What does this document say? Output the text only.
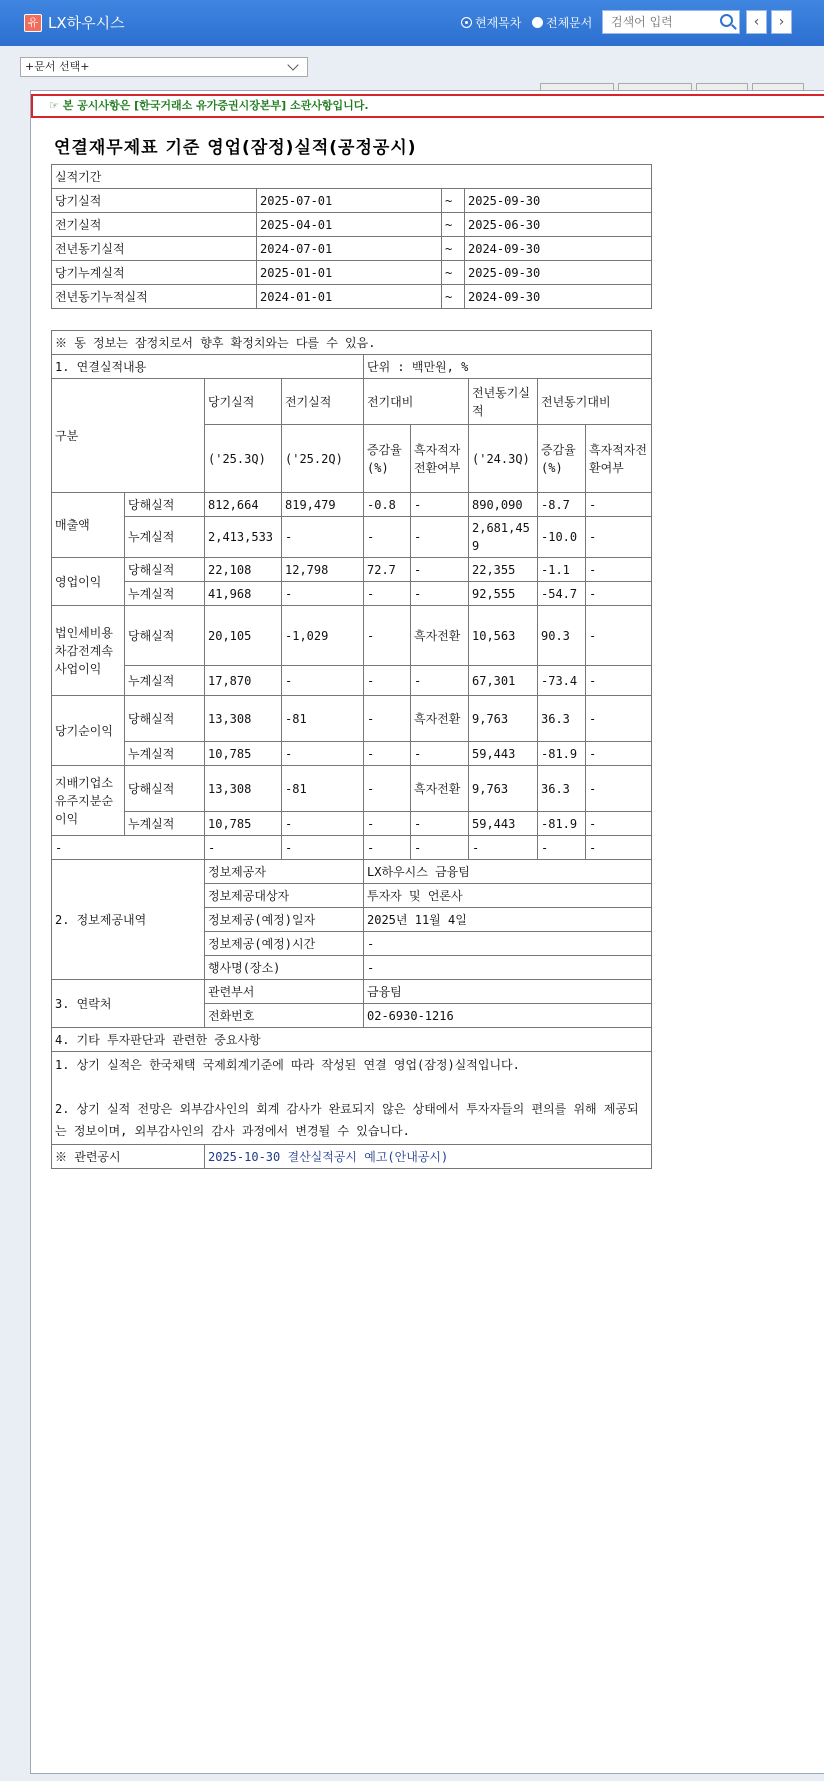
유 LX하우시스	현재목차 전체문서
검색어 입력	‹	›
+문서 선택+
☞ 본 공시사항은 [한국거래소 유가증권시장본부] 소관사항입니다.
연결재무제표 기준 영업(잠정)실적(공정공시)
실적기간			
당기실적	2025-07-01	~	2025-09-30
전기실적	2025-04-01	~	2025-06-30
전년동기실적	2024-07-01	~	2024-09-30
당기누계실적	2025-01-01	~	2025-09-30
전년동기누적실적	2024-01-01	~	2024-09-30
※ 동 정보는 잠정치로서 향후 확정치와는 다를 수 있음.								
1. 연결실적내용				단위 : 백만원, %				
구분		당기실적	전기실적	전기대비		전년동기실적	전년동기대비	
		('25.3Q)	('25.2Q)	증감율(%)	흑자적자전환여부	('24.3Q)	증감율(%)	흑자적자전환여부
매출액	당해실적	812,664	819,479	-0.8	-	890,090	-8.7	-
	누계실적	2,413,533	-	-	-	2,681,459	-10.0	-
영업이익	당해실적	22,108	12,798	72.7	-	22,355	-1.1	-
	누계실적	41,968	-	-	-	92,555	-54.7	-
법인세비용차감전계속사업이익	당해실적	20,105	-1,029	-	흑자전환	10,563	90.3	-
	누계실적	17,870	-	-	-	67,301	-73.4	-
당기순이익	당해실적	13,308	-81	-	흑자전환	9,763	36.3	-
	누계실적	10,785	-	-	-	59,443	-81.9	-
지배기업소유주지분순이익	당해실적	13,308	-81	-	흑자전환	9,763	36.3	-
	누계실적	10,785	-	-	-	59,443	-81.9	-
-		-	-	-	-	-	-	-
2. 정보제공내역		정보제공자		LX하우시스 금융팀				
		정보제공대상자		투자자 및 언론사				
		정보제공(예정)일자		2025년 11월 4일				
		정보제공(예정)시간		-				
		행사명(장소)		-				
3. 연락처		관련부서		금융팀				
		전화번호		02-6930-1216				
4. 기타 투자판단과 관련한 중요사항								

1. 상기 실적은 한국채택 국제회계기준에 따라 작성된 연결 영업(잠정)실적입니다.
2. 상기 실적 전망은 외부감사인의 회계 감사가 완료되지 않은 상태에서 투자자들의 편의를 위해 제공되는 정보이며, 외부감사인의 감사 과정에서 변경될 수 있습니다.								

※ 관련공시		2025-10-30 결산실적공시 예고(안내공시)						
